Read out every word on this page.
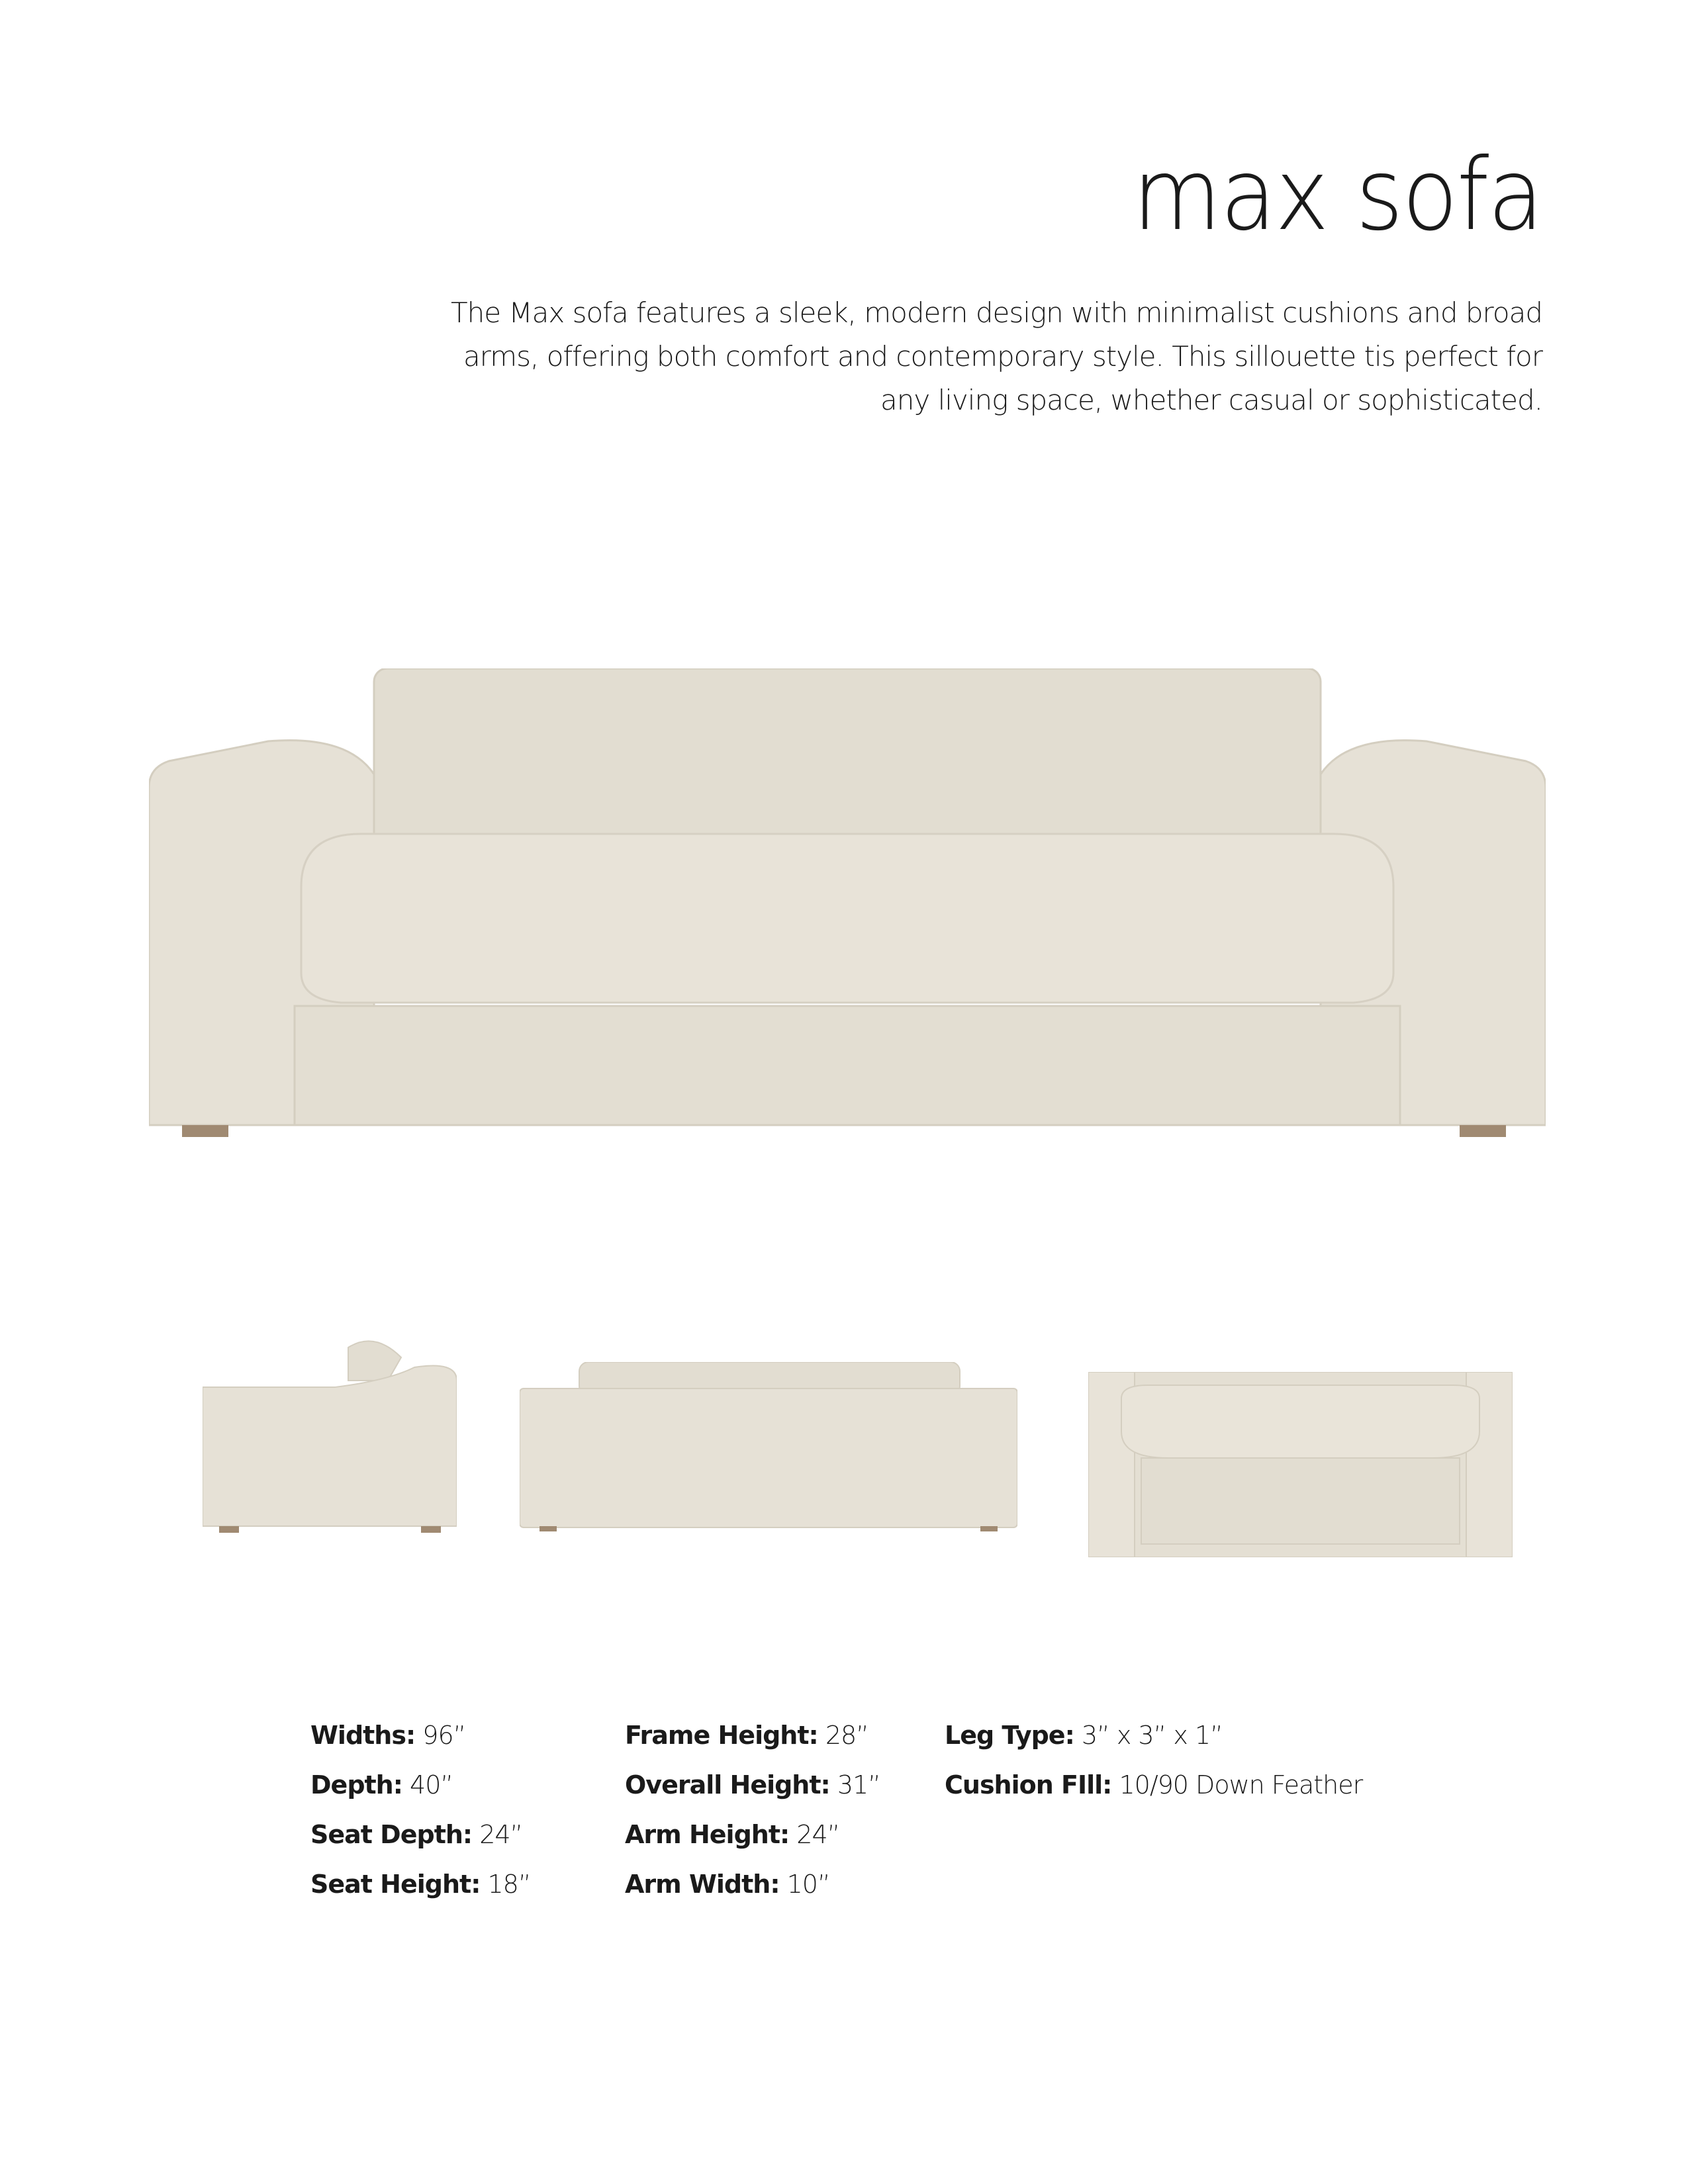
max sofa
The Max sofa features a sleek, modern design with minimalist cushions and broad
arms, offering both comfort and contemporary style. This sillouette tis perfect for
any living space, whether casual or sophisticated.
Widths: 96”
Depth: 40”
Seat Depth: 24”
Seat Height: 18”
Frame Height: 28”
Overall Height: 31”
Arm Height: 24”
Arm Width: 10”
Leg Type: 3” x 3” x 1”
Cushion FIll: 10/90 Down Feather
